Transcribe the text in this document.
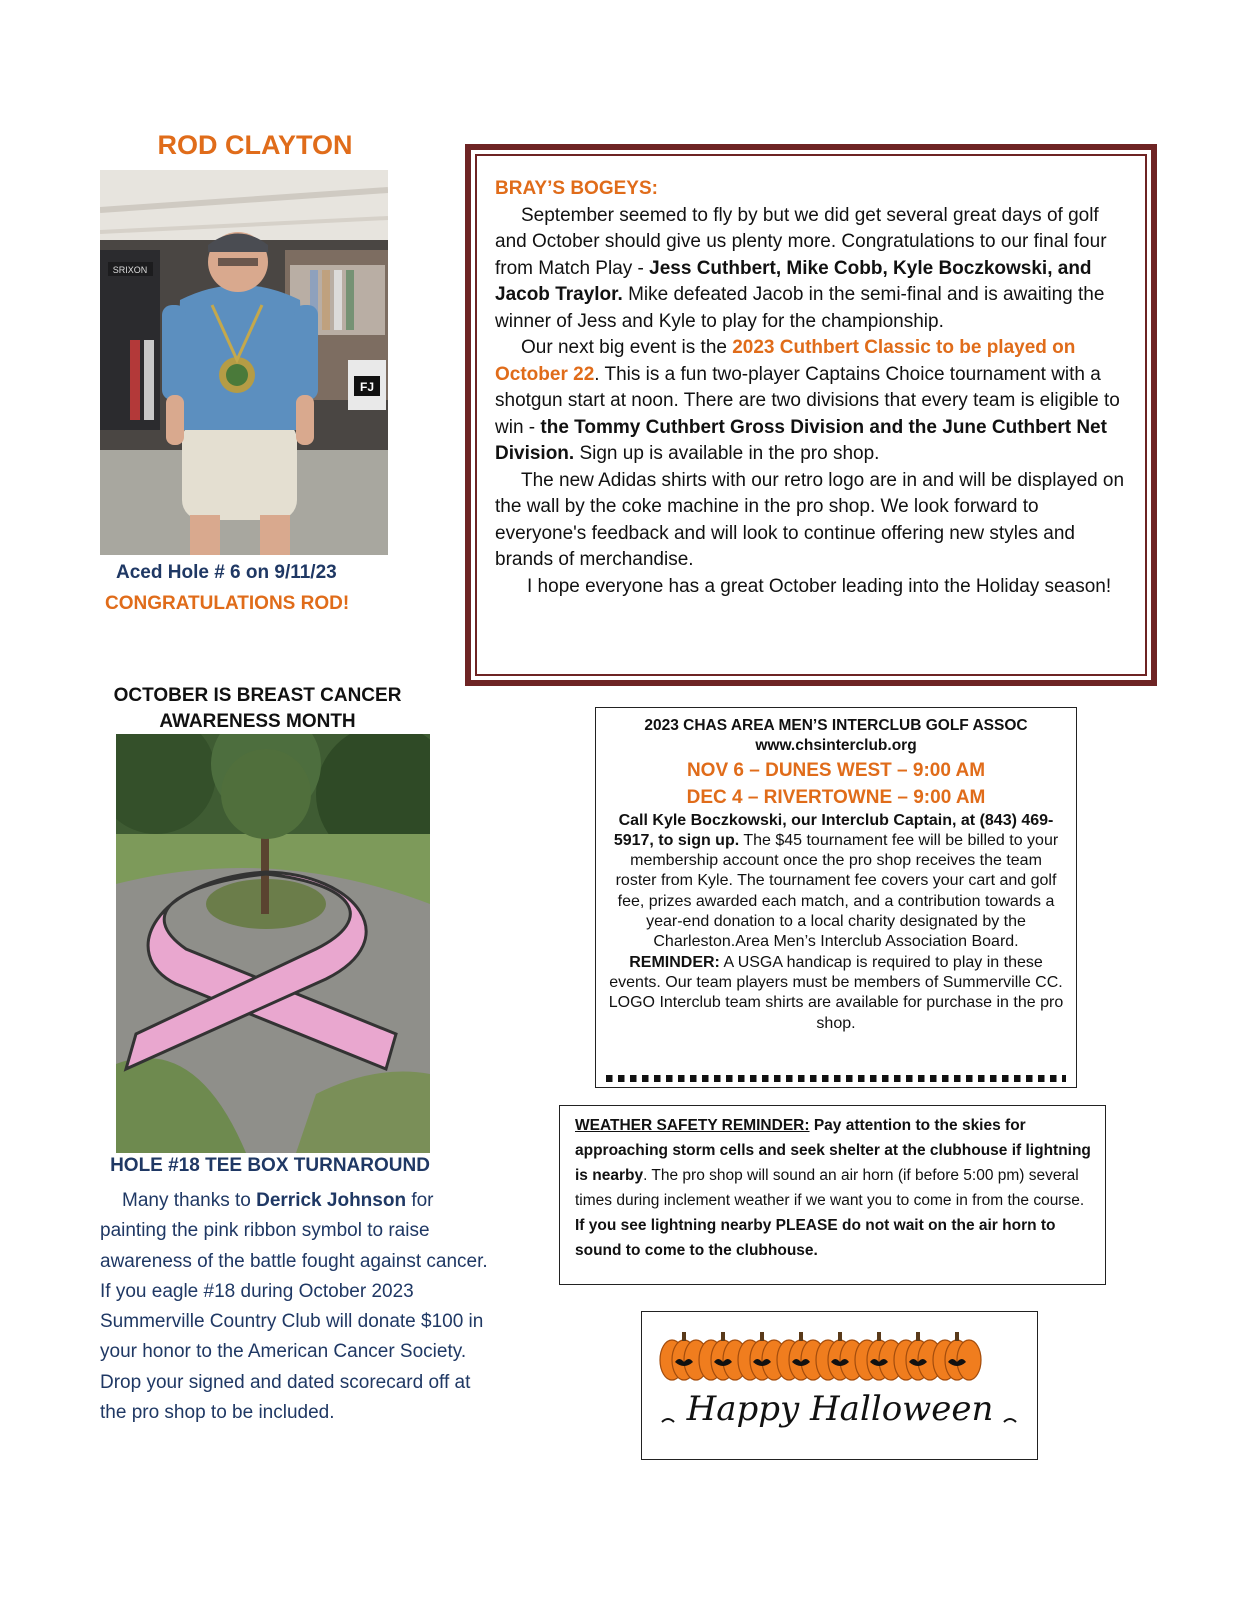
ROD CLAYTON
SRIXON
FJ
Aced Hole # 6 on 9/11/23
CONGRATULATIONS ROD!
BRAY’S BOGEYS:
September seemed to fly by but we did get several great days of golf and October should give us plenty more. Congratulations to our final four from Match Play - Jess Cuthbert, Mike Cobb, Kyle Boczkowski, and Jacob Traylor. Mike defeated Jacob in the semi-final and is awaiting the winner of Jess and Kyle to play for the championship.
Our next big event is the 2023 Cuthbert Classic to be played on October 22. This is a fun two-player Captains Choice tournament with a shotgun start at noon. There are two divisions that every team is eligible to win - the Tommy Cuthbert Gross Division and the June Cuthbert Net Division. Sign up is available in the pro shop.
The new Adidas shirts with our retro logo are in and will be displayed on the wall by the coke machine in the pro shop. We look forward to everyone's feedback and will look to continue offering new styles and brands of merchandise.
I hope everyone has a great October leading into the Holiday season!
OCTOBER IS BREAST CANCER
AWARENESS MONTH
HOLE #18 TEE BOX TURNAROUND
Many thanks to Derrick Johnson for painting the pink ribbon symbol to raise awareness of the battle fought against cancer. If you eagle #18 during October 2023 Summerville Country Club will donate $100 in your honor to the American Cancer Society. Drop your signed and dated scorecard off at the pro shop to be included.
2023 CHAS AREA MEN’S INTERCLUB GOLF ASSOC
www.chsinterclub.org
NOV 6 – DUNES WEST – 9:00 AM
DEC 4 – RIVERTOWNE – 9:00 AM
Call Kyle Boczkowski, our Interclub Captain, at (843) 469-5917, to sign up. The $45 tournament fee will be billed to your membership account once the pro shop receives the team roster from Kyle. The tournament fee covers your cart and golf fee, prizes awarded each match, and a contribution towards a year-end donation to a local charity designated by the Charleston.Area Men’s Interclub Association Board. REMINDER: A USGA handicap is required to play in these events. Our team players must be members of Summerville CC. LOGO Interclub team shirts are available for purchase in the pro shop.
WEATHER SAFETY REMINDER: Pay attention to the skies for approaching storm cells and seek shelter at the clubhouse if lightning is nearby. The pro shop will sound an air horn (if before 5:00 pm) several times during inclement weather if we want you to come in from the course. If you see lightning nearby PLEASE do not wait on the air horn to sound to come to the clubhouse.
Happy Halloween
